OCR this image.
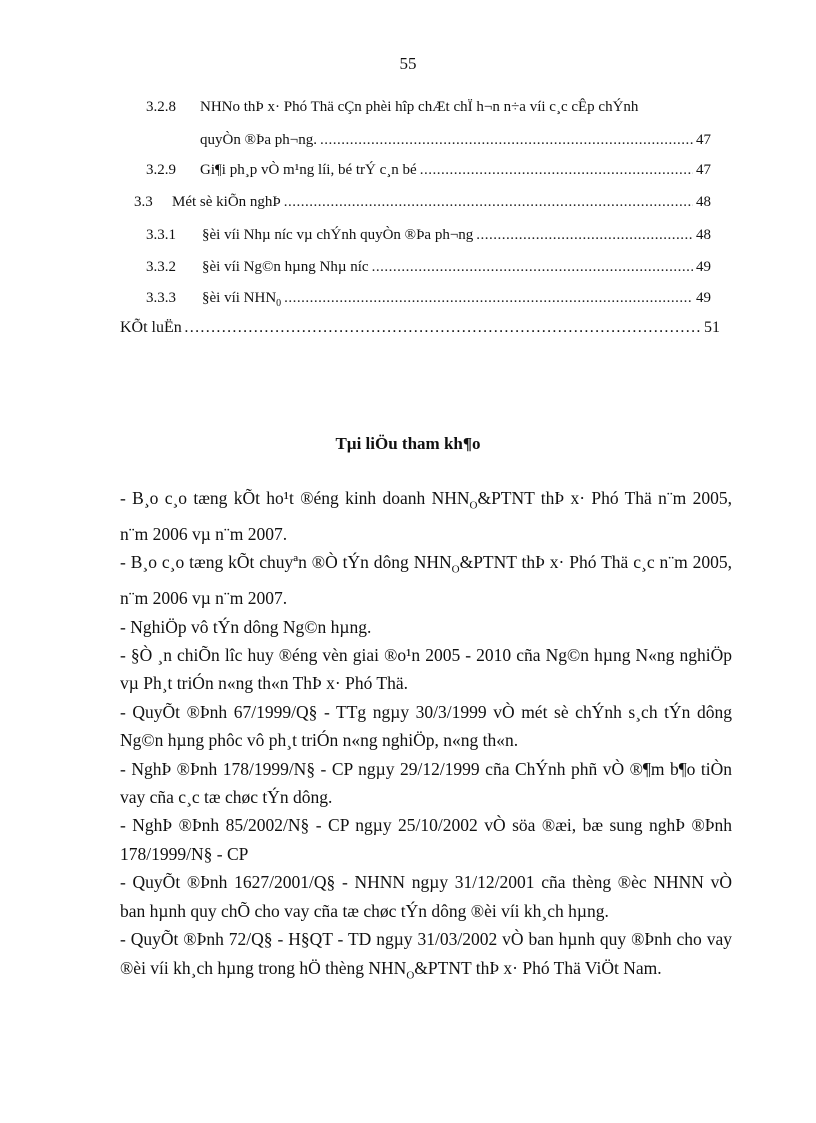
55
3.2.8	NHNo thÞ x· Phó Thä cÇn phèi hîp chÆt chÏ h¬n n÷a víi c¸c cÊp chÝnh
quyÒn ®Þa ph¬ng. .....	47
3.2.9	Gi¶i ph¸p vÒ m¹ng líi, bé trÝ c¸n bé .....	47
3.3	Mét sè kiÕn nghÞ .....	48
3.3.1	§èi víi Nhµ níc vµ chÝnh quyÒn ®Þa ph¬ng .....	48
3.3.2	§èi víi Ng©n hµng Nhµ níc .....	49
3.3.3	§èi víi $NHN_0$ .....	49
KÕt luËn ……………………………………………………………………………………………………………………………………………………………	51
Tµi liÖu tham kh¶o

- B¸o c¸o tæng kÕt ho¹t ®éng kinh doanh $NHN_O\&PTNT$ thÞ x· Phó Thä n¨m 2005, n¨m 2006 vµ n¨m 2007.

- B¸o c¸o tæng kÕt chuyªn ®Ò tÝn dông $NHN_O\&PTNT$ thÞ x· Phó Thä c¸c n¨m 2005, n¨m 2006 vµ n¨m 2007.

- NghiÖp vô tÝn dông Ng©n hµng.

- §Ò ¸n chiÕn lîc huy ®éng vèn giai ®o¹n 2005 - 2010 cña Ng©n hµng N«ng nghiÖp vµ Ph¸t triÓn n«ng th«n ThÞ x· Phó Thä.

- QuyÕt ®Þnh 67/1999/Q§ - TTg ngµy 30/3/1999 vÒ mét sè chÝnh s¸ch tÝn dông Ng©n hµng phôc vô ph¸t triÓn n«ng nghiÖp, n«ng th«n.

- NghÞ ®Þnh 178/1999/N§ - CP ngµy 29/12/1999 cña ChÝnh phñ vÒ ®¶m b¶o tiÒn vay cña c¸c tæ chøc tÝn dông.

- NghÞ ®Þnh 85/2002/N§ - CP ngµy 25/10/2002 vÒ söa ®æi, bæ sung nghÞ ®Þnh 178/1999/N§ - CP

- QuyÕt ®Þnh 1627/2001/Q§ - NHNN ngµy 31/12/2001 cña thèng ®èc NHNN vÒ ban hµnh quy chÕ cho vay cña tæ chøc tÝn dông ®èi víi kh¸ch hµng.

- QuyÕt ®Þnh 72/Q§ - H§QT - TD ngµy 31/03/2002 vÒ ban hµnh quy ®Þnh cho vay ®èi víi kh¸ch hµng trong hÖ thèng $NHN_O\&PTNT$ thÞ x· Phó Thä ViÖt Nam.
